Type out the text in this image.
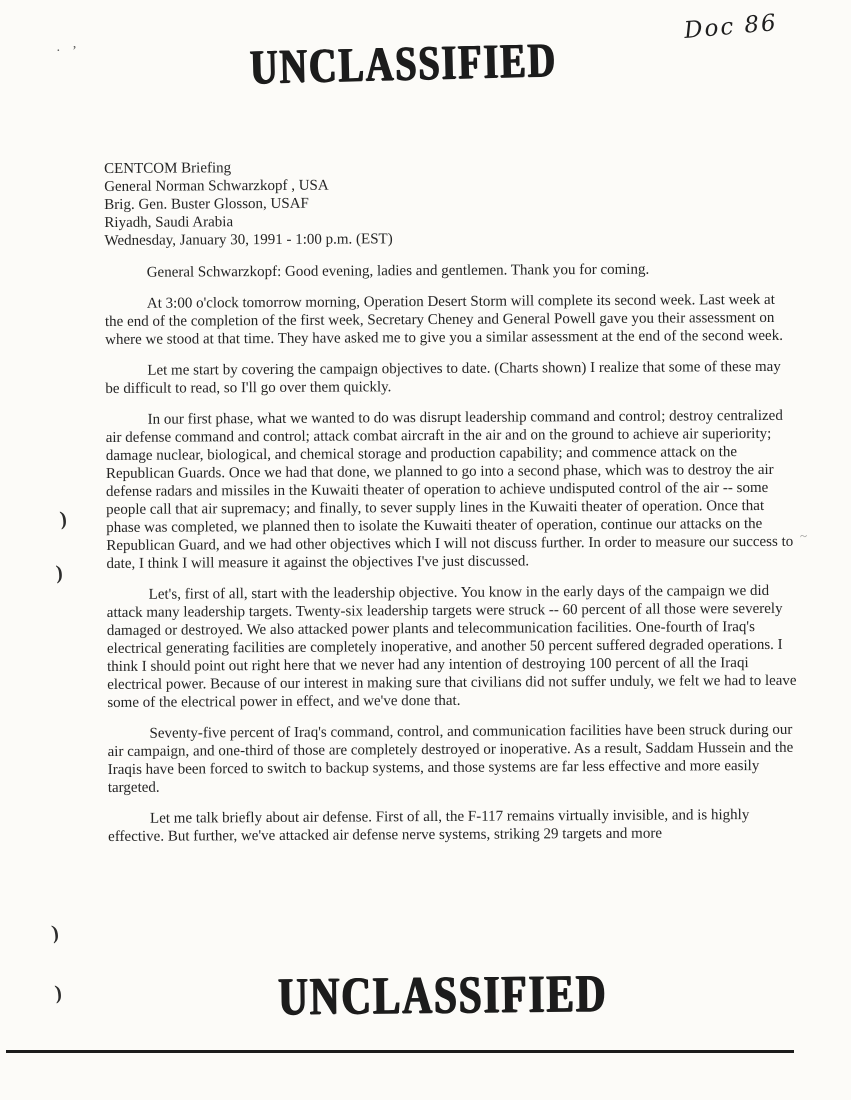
Doc 86
UNCLASSIFIED
CENTCOM Briefing
General Norman Schwarzkopf , USA
Brig. Gen. Buster Glosson, USAF
Riyadh, Saudi Arabia
Wednesday, January 30, 1991 - 1:00 p.m. (EST)

General Schwarzkopf: Good evening, ladies and gentlemen. Thank you for coming.

At 3:00 o'clock tomorrow morning, Operation Desert Storm will complete its second week. Last week at the end of the completion of the first week, Secretary Cheney and General Powell gave you their assessment on where we stood at that time. They have asked me to give you a similar assessment at the end of the second week.

Let me start by covering the campaign objectives to date. (Charts shown) I realize that some of these may be difficult to read, so I'll go over them quickly.

In our first phase, what we wanted to do was disrupt leadership command and control; destroy centralized air defense command and control; attack combat aircraft in the air and on the ground to achieve air superiority; damage nuclear, biological, and chemical storage and production capability; and commence attack on the Republican Guards. Once we had that done, we planned to go into a second phase, which was to destroy the air defense radars and missiles in the Kuwaiti theater of operation to achieve undisputed control of the air -- some people call that air supremacy; and finally, to sever supply lines in the Kuwaiti theater of operation. Once that phase was completed, we planned then to isolate the Kuwaiti theater of operation, continue our attacks on the Republican Guard, and we had other objectives which I will not discuss further. In order to measure our success to date, I think I will measure it against the objectives I've just discussed.

Let's, first of all, start with the leadership objective. You know in the early days of the campaign we did attack many leadership targets. Twenty-six leadership targets were struck -- 60 percent of all those were severely damaged or destroyed. We also attacked power plants and telecommunication facilities. One-fourth of Iraq's electrical generating facilities are completely inoperative, and another 50 percent suffered degraded operations. I think I should point out right here that we never had any intention of destroying 100 percent of all the Iraqi electrical power. Because of our interest in making sure that civilians did not suffer unduly, we felt we had to leave some of the electrical power in effect, and we've done that.

Seventy-five percent of Iraq's command, control, and communication facilities have been struck during our air campaign, and one-third of those are completely destroyed or inoperative. As a result, Saddam Hussein and the Iraqis have been forced to switch to backup systems, and those systems are far less effective and more easily targeted.

Let me talk briefly about air defense. First of all, the F-117 remains virtually invisible, and is highly effective. But further, we've attacked air defense nerve systems, striking 29 targets and more

UNCLASSIFIED
· ’
)
)
)
)
~
